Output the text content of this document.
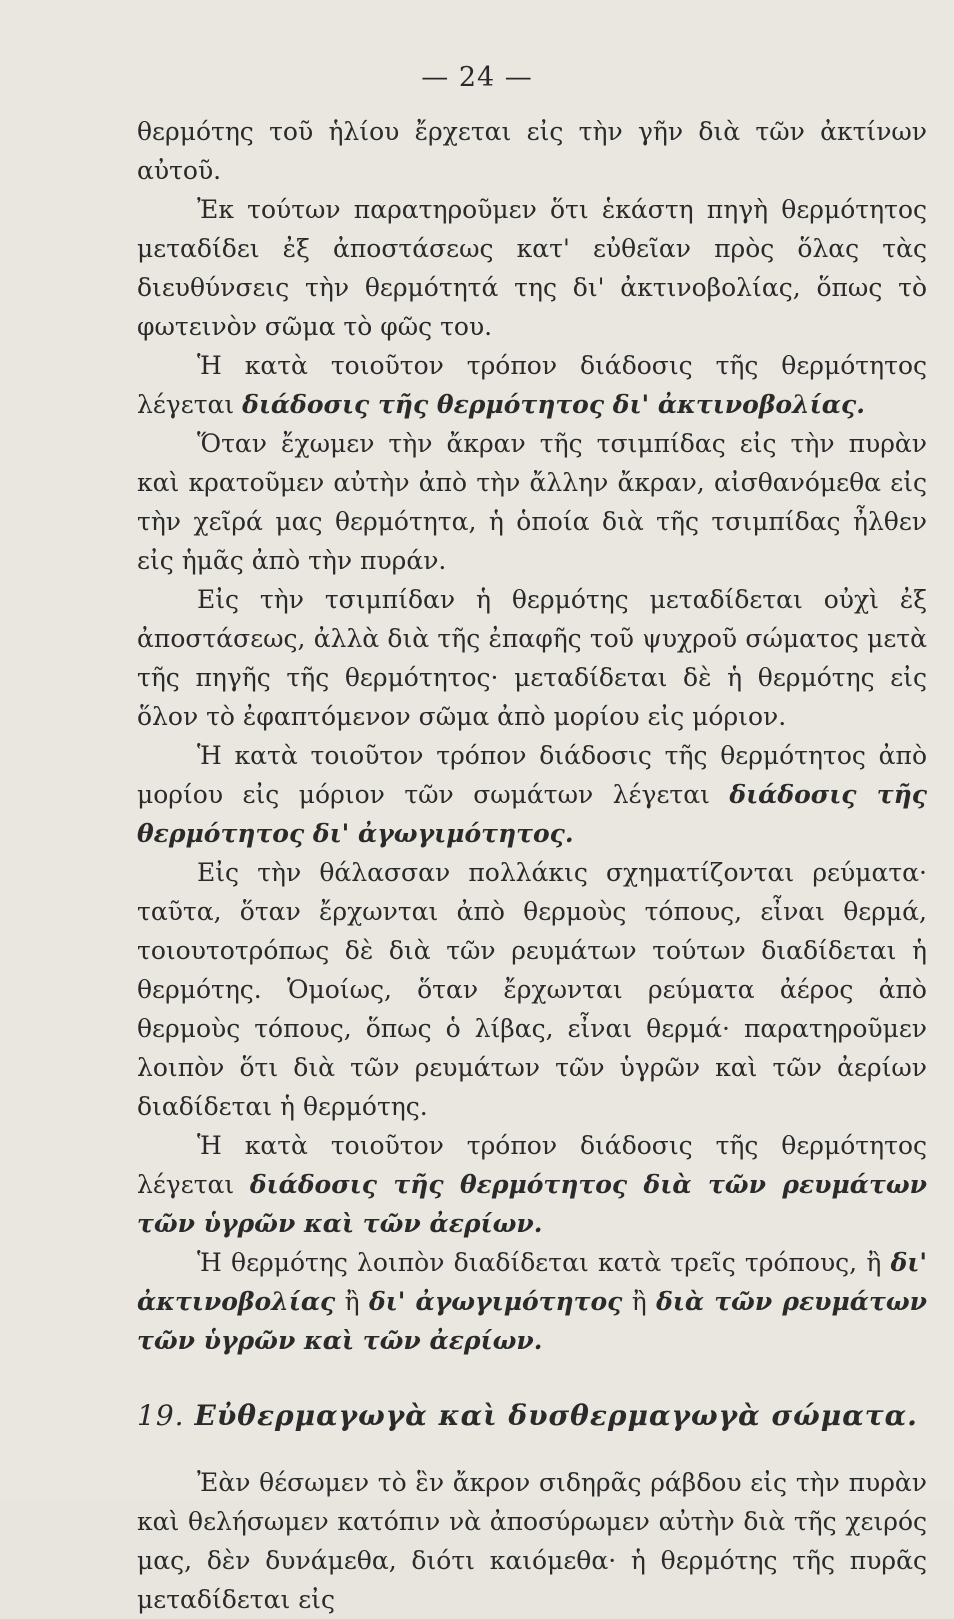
— 24 —

θερμότης τοῦ ἡλίου ἔρχεται εἰς τὴν γῆν διὰ τῶν ἀκτίνων αὐτοῦ.

Ἐκ τούτων παρατηροῦμεν ὅτι ἑκάστη πηγὴ θερμότητος μεταδίδει ἐξ ἀποστάσεως κατ' εὐθεῖαν πρὸς ὅλας τὰς διευθύνσεις τὴν θερμότητά της δι' ἀκτινοβολίας, ὅπως τὸ φωτεινὸν σῶμα τὸ φῶς του.

Ἡ κατὰ τοιοῦτον τρόπον διάδοσις τῆς θερμότητος λέγεται διάδοσις τῆς θερμότητος δι' ἀκτινοβολίας.

Ὅταν ἔχωμεν τὴν ἄκραν τῆς τσιμπίδας εἰς τὴν πυρὰν καὶ κρατοῦμεν αὐτὴν ἀπὸ τὴν ἄλλην ἄκραν, αἰσθανόμεθα εἰς τὴν χεῖρά μας θερμότητα, ἡ ὁποία διὰ τῆς τσιμπίδας ἦλθεν εἰς ἡμᾶς ἀπὸ τὴν πυράν.

Εἰς τὴν τσιμπίδαν ἡ θερμότης μεταδίδεται οὐχὶ ἐξ ἀποστάσεως, ἀλλὰ διὰ τῆς ἐπαφῆς τοῦ ψυχροῦ σώματος μετὰ τῆς πηγῆς τῆς θερμότητος· μεταδίδεται δὲ ἡ θερμότης εἰς ὅλον τὸ ἐφαπτόμενον σῶμα ἀπὸ μορίου εἰς μόριον.

Ἡ κατὰ τοιοῦτον τρόπον διάδοσις τῆς θερμότητος ἀπὸ μορίου εἰς μόριον τῶν σωμάτων λέγεται διάδοσις τῆς θερμότητος δι' ἀγωγιμότητος.

Εἰς τὴν θάλασσαν πολλάκις σχηματίζονται ρεύματα· ταῦτα, ὅταν ἔρχωνται ἀπὸ θερμοὺς τόπους, εἶναι θερμά, τοιουτοτρόπως δὲ διὰ τῶν ρευμάτων τούτων διαδίδεται ἡ θερμότης. Ὁμοίως, ὅταν ἔρχωνται ρεύματα ἀέρος ἀπὸ θερμοὺς τόπους, ὅπως ὁ λίβας, εἶναι θερμά· παρατηροῦμεν λοιπὸν ὅτι διὰ τῶν ρευμάτων τῶν ὑγρῶν καὶ τῶν ἀερίων διαδίδεται ἡ θερμότης.

Ἡ κατὰ τοιοῦτον τρόπον διάδοσις τῆς θερμότητος λέγεται διάδοσις τῆς θερμότητος διὰ τῶν ρευμάτων τῶν ὑγρῶν καὶ τῶν ἀερίων.

Ἡ θερμότης λοιπὸν διαδίδεται κατὰ τρεῖς τρόπους, ἢ δι' ἀκτινοβολίας ἢ δι' ἀγωγιμότητος ἢ διὰ τῶν ρευμάτων τῶν ὑγρῶν καὶ τῶν ἀερίων.

19. Εὐθερμαγωγὰ καὶ δυσθερμαγωγὰ σώματα.

Ἐὰν θέσωμεν τὸ ἓν ἄκρον σιδηρᾶς ράβδου εἰς τὴν πυρὰν καὶ θελήσωμεν κατόπιν νὰ ἀποσύρωμεν αὐτὴν διὰ τῆς χειρός μας, δὲν δυνάμεθα, διότι καιόμεθα· ἡ θερμότης τῆς πυρᾶς μεταδίδεται εἰς
